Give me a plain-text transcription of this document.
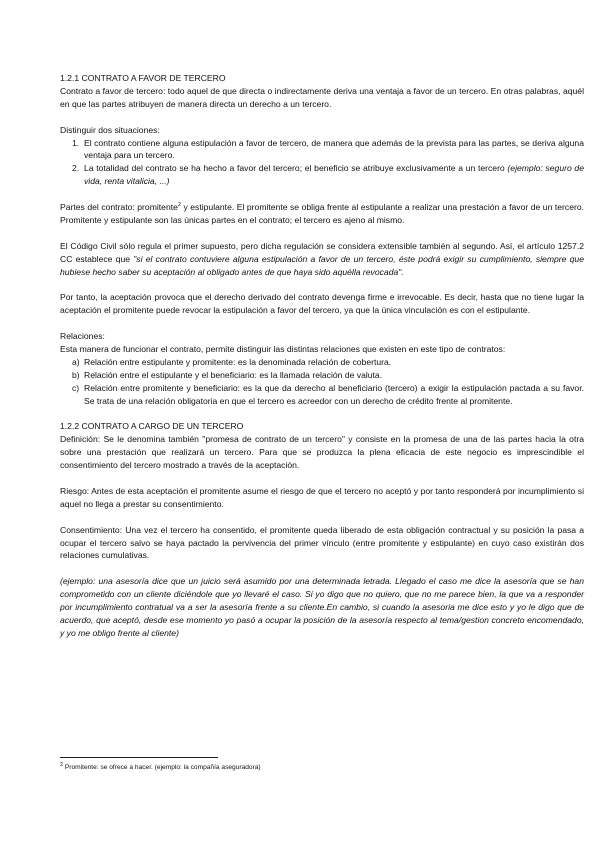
1.2.1 CONTRATO A FAVOR DE TERCERO

Contrato a favor de tercero: todo aquel de que directa o indirectamente deriva una ventaja a favor de un tercero. En otras palabras, aquél en que las partes atribuyen de manera directa un derecho a un tercero.

Distinguir dos situaciones:

1. El contrato contiene alguna estipulación a favor de tercero, de manera que además de la prevista para las partes, se deriva alguna ventaja para un tercero.
2. La totalidad del contrato se ha hecho a favor del tercero; el beneficio se atribuye exclusivamente a un tercero (ejemplo: seguro de vida, renta vitalicia, ...)

Partes del contrato: promitente$^2$ y estipulante. El promitente se obliga frente al estipulante a realizar una prestación a favor de un tercero. Promitente y estipulante son las únicas partes en el contrato; el tercero es ajeno al mismo.

El Código Civil sólo regula el primer supuesto, pero dicha regulación se considera extensible también al segundo. Así, el artículo 1257.2 CC establece que "si el contrato contuviere alguna estipulación a favor de un tercero, éste podrá exigir su cumplimiento, siempre que hubiese hecho saber su aceptación al obligado antes de que haya sido aquélla revocada".

Por tanto, la aceptación provoca que el derecho derivado del contrato devenga firme e irrevocable. Es decir, hasta que no tiene lugar la aceptación el promitente puede revocar la estipulación a favor del tercero, ya que la única vinculación es con el estipulante.

Relaciones:

Esta manera de funcionar el contrato, permite distinguir las distintas relaciones que existen en este tipo de contratos:

a) Relación entre estipulante y promitente: es la denominada relación de cobertura.
b) Relación entre el estipulante y el beneficiario: es la llamada relación de valuta.
c) Relación entre promitente y beneficiario: es la que da derecho al beneficiario (tercero) a exigir la estipulación pactada a su favor. Se trata de una relación obligatoria en que el tercero es acreedor con un derecho de crédito frente al promitente.

1.2.2 CONTRATO A CARGO DE UN TERCERO

Definición: Se le denomina también "promesa de contrato de un tercero" y consiste en la promesa de una de las partes hacia la otra sobre una prestación que realizará un tercero. Para que se produzca la plena eficacia de este negocio es imprescindible el consentimiento del tercero mostrado a través de la aceptación.

Riesgo: Antes de esta aceptación el promitente asume el riesgo de que el tercero no aceptó y por tanto responderá por incumplimiento si aquel no llega a prestar su consentimiento.

Consentimiento: Una vez el tercero ha consentido, el promitente queda liberado de esta obligación contractual y su posición la pasa a ocupar el tercero salvo se haya pactado la pervivencia del primer vínculo (entre promitente y estipulante) en cuyo caso existirán dos relaciones cumulativas.

(ejemplo: una asesoría dice que un juicio será asumido por una determinada letrada. Llegado el caso me dice la asesoría que se han comprometido con un cliente diciéndole que yo llevaré el caso. Si yo digo que no quiero, que no me parece bien, la que va a responder por incumplimiento contratual va a ser la asesoría frente a su cliente.En cambio, si cuando la asesoria me dice esto y yo le digo que de acuerdo, que aceptó, desde ese momento yo pasó a ocupar la posición de la asesoría respecto al tema/gestion concreto encomendado, y yo me obligo frente al cliente)

$^2$ Promitente: se ofrece a hacer. (ejemplo: la compañía aseguradora)
